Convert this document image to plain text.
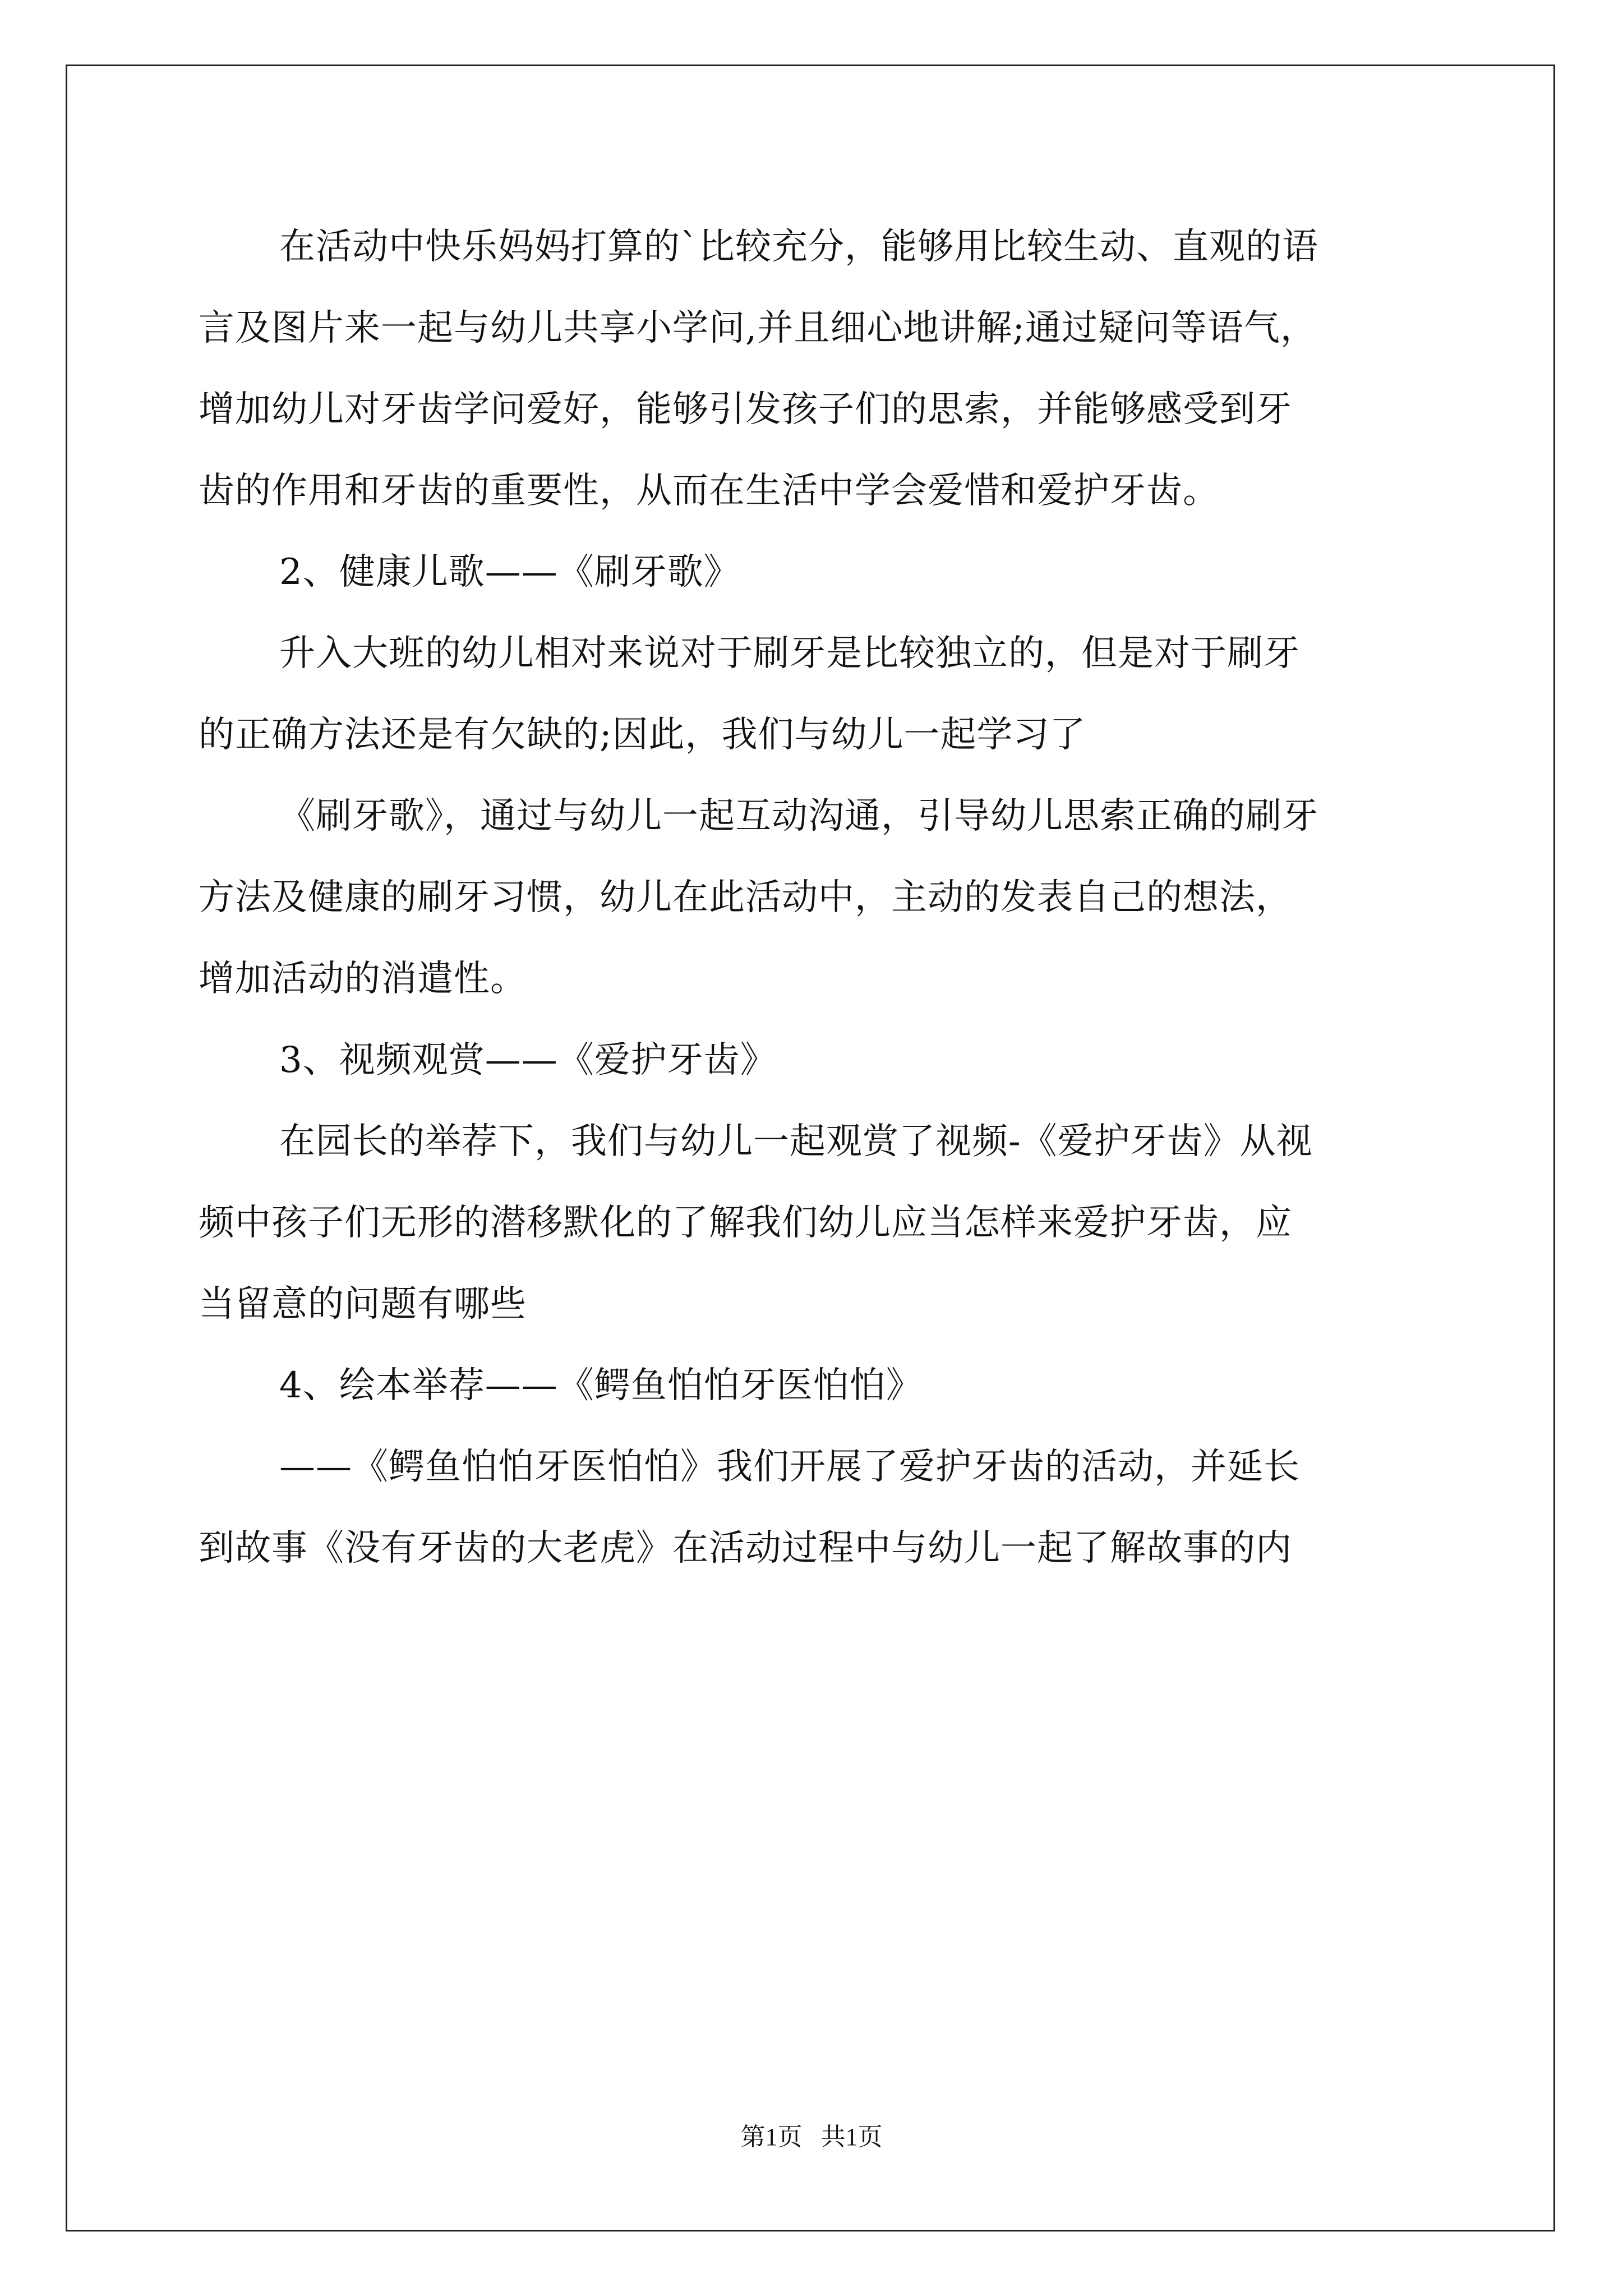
在活动中快乐妈妈打算的`比较充分，能够用比较生动、直观的语

言及图片来一起与幼儿共享小学问,并且细心地讲解;通过疑问等语气，

增加幼儿对牙齿学问爱好，能够引发孩子们的思索，并能够感受到牙

齿的作用和牙齿的重要性，从而在生活中学会爱惜和爱护牙齿。

2、健康儿歌——《刷牙歌》

升入大班的幼儿相对来说对于刷牙是比较独立的，但是对于刷牙

的正确方法还是有欠缺的;因此，我们与幼儿一起学习了

《刷牙歌》，通过与幼儿一起互动沟通，引导幼儿思索正确的刷牙

方法及健康的刷牙习惯，幼儿在此活动中，主动的发表自己的想法，

增加活动的消遣性。

3、视频观赏——《爱护牙齿》

在园长的举荐下，我们与幼儿一起观赏了视频-《爱护牙齿》从视

频中孩子们无形的潜移默化的了解我们幼儿应当怎样来爱护牙齿，应

当留意的问题有哪些

4、绘本举荐——《鳄鱼怕怕牙医怕怕》

——《鳄鱼怕怕牙医怕怕》我们开展了爱护牙齿的活动，并延长

到故事《没有牙齿的大老虎》在活动过程中与幼儿一起了解故事的内

第1页   共1页
